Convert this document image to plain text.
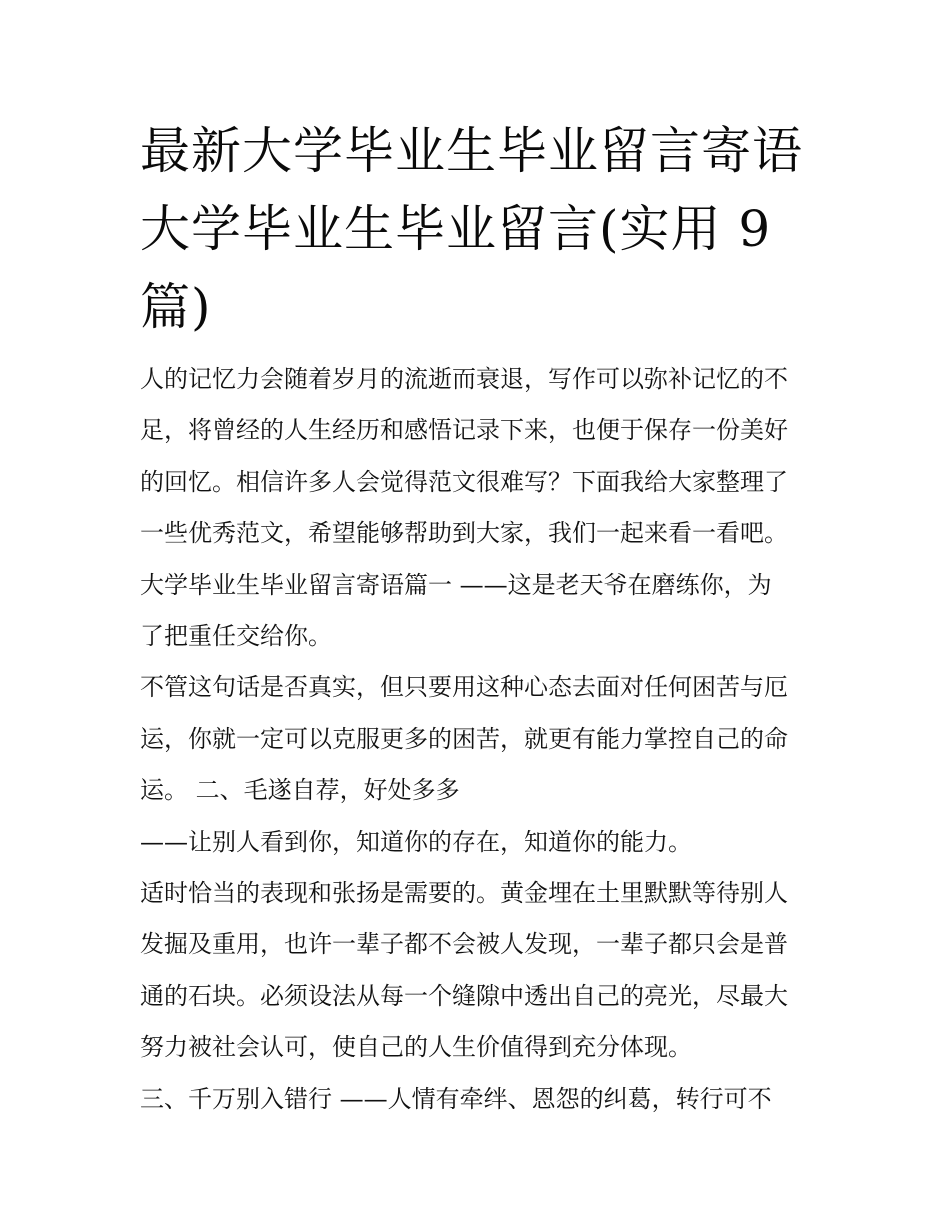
最新大学毕业生毕业留言寄语
大学毕业生毕业留言(实用 9
篇)

人的记忆力会随着岁月的流逝而衰退，写作可以弥补记忆的不
足，将曾经的人生经历和感悟记录下来，也便于保存一份美好
的回忆。相信许多人会觉得范文很难写？下面我给大家整理了
一些优秀范文，希望能够帮助到大家，我们一起来看一看吧。

大学毕业生毕业留言寄语篇一 ——这是老天爷在磨练你，为
了把重任交给你。

不管这句话是否真实，但只要用这种心态去面对任何困苦与厄
运，你就一定可以克服更多的困苦，就更有能力掌控自己的命
运。 二、毛遂自荐，好处多多

——让别人看到你，知道你的存在，知道你的能力。

适时恰当的表现和张扬是需要的。黄金埋在土里默默等待别人
发掘及重用，也许一辈子都不会被人发现，一辈子都只会是普
通的石块。必须设法从每一个缝隙中透出自己的亮光，尽最大
努力被社会认可，使自己的人生价值得到充分体现。

三、千万别入错行 ——人情有牵绊、恩怨的纠葛，转行可不
